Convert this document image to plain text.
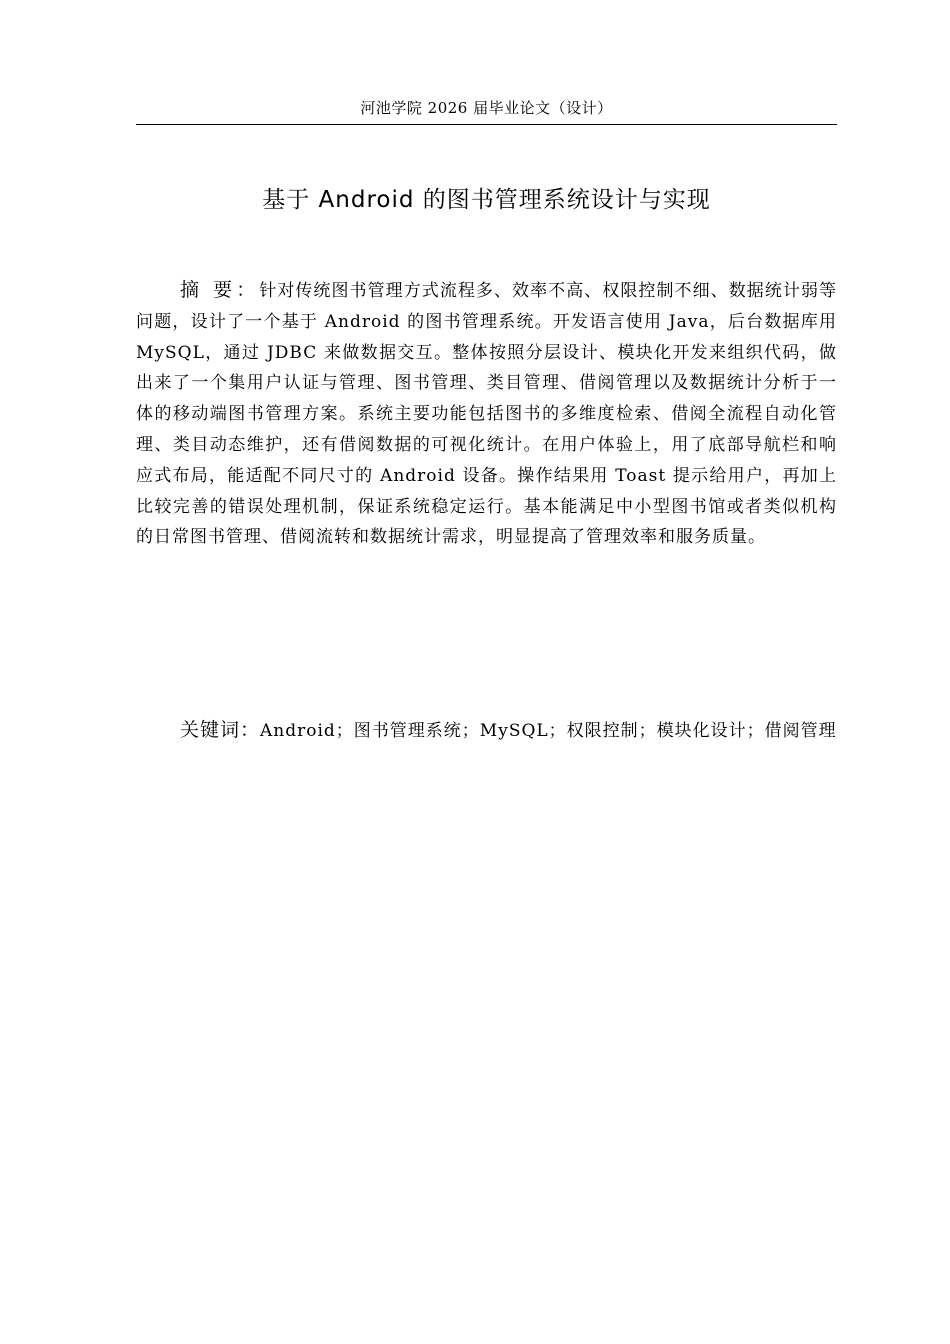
河池学院 2026 届毕业论文（设计）
基于 Android 的图书管理系统设计与实现

摘 要：针对传统图书管理方式流程多、效率不高、权限控制不细、数据统计弱等问题，设计了一个基于 Android 的图书管理系统。开发语言使用 Java，后台数据库用 MySQL，通过 JDBC 来做数据交互。整体按照分层设计、模块化开发来组织代码，做出来了一个集用户认证与管理、图书管理、类目管理、借阅管理以及数据统计分析于一体的移动端图书管理方案。系统主要功能包括图书的多维度检索、借阅全流程自动化管理、类目动态维护，还有借阅数据的可视化统计。在用户体验上，用了底部导航栏和响应式布局，能适配不同尺寸的 Android 设备。操作结果用 Toast 提示给用户，再加上比较完善的错误处理机制，保证系统稳定运行。基本能满足中小型图书馆或者类似机构的日常图书管理、借阅流转和数据统计需求，明显提高了管理效率和服务质量。

关键词：Android；图书管理系统；MySQL；权限控制；模块化设计；借阅管理
